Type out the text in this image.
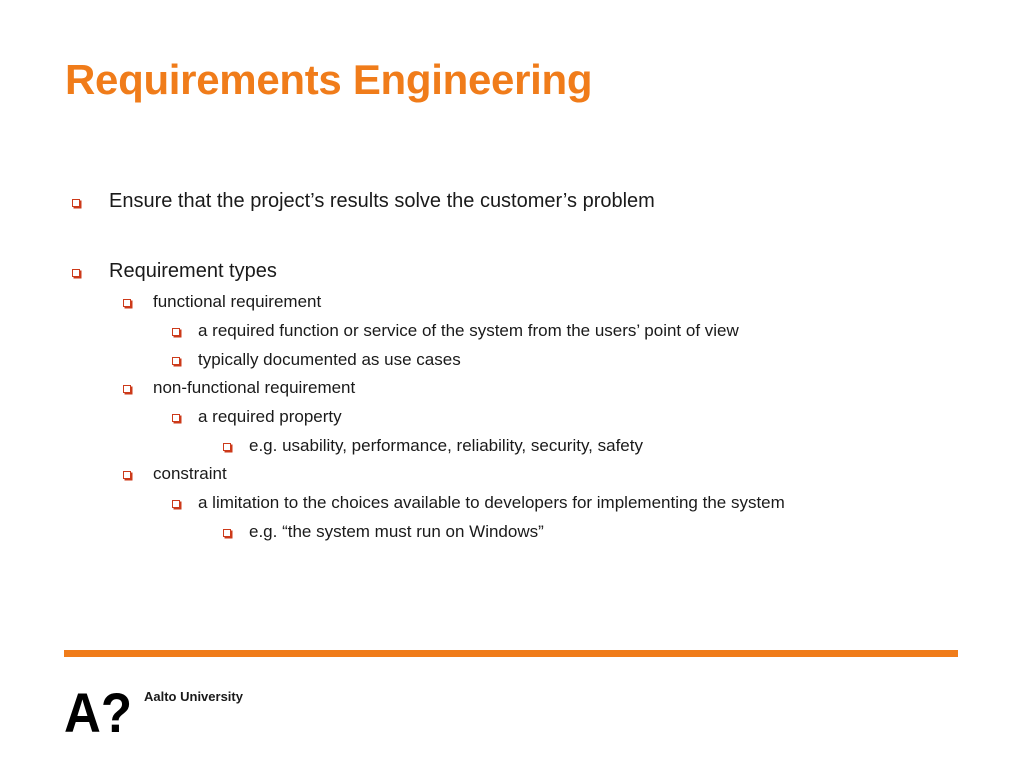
Requirements Engineering
Ensure that the project’s results solve the customer’s problem
Requirement types
functional requirement
a required function or service of the system from the users’ point of view
typically documented as use cases
non-functional requirement
a required property
e.g. usability, performance, reliability, security, safety
constraint
a limitation to the choices available to developers for implementing the system
e.g. “the system must run on Windows”
A? Aalto University
